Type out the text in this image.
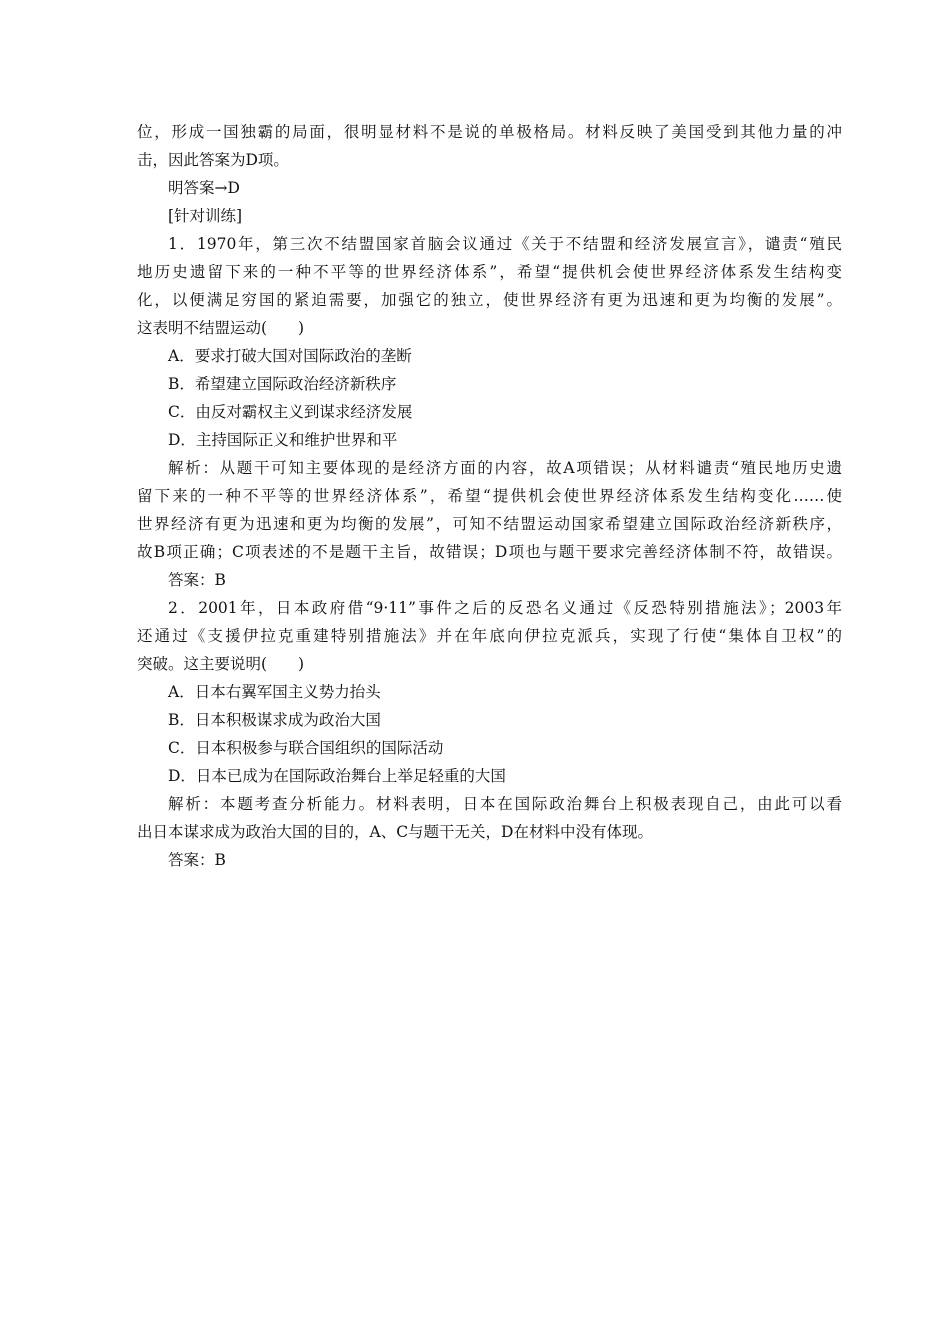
位，形成一国独霸的局面，很明显材料不是说的单极格局。材料反映了美国受到其他力量的冲
击，因此答案为D项。
明答案→D
[针对训练]
1．1970年，第三次不结盟国家首脑会议通过《关于不结盟和经济发展宣言》，谴责“殖民
地历史遗留下来的一种不平等的世界经济体系”，希望“提供机会使世界经济体系发生结构变
化，以便满足穷国的紧迫需要，加强它的独立，使世界经济有更为迅速和更为均衡的发展”。
这表明不结盟运动(　　)
A．要求打破大国对国际政治的垄断
B．希望建立国际政治经济新秩序
C．由反对霸权主义到谋求经济发展
D．主持国际正义和维护世界和平
解析：从题干可知主要体现的是经济方面的内容，故A项错误；从材料谴责“殖民地历史遗
留下来的一种不平等的世界经济体系”，希望“提供机会使世界经济体系发生结构变化……使
世界经济有更为迅速和更为均衡的发展”，可知不结盟运动国家希望建立国际政治经济新秩序，
故B项正确；C项表述的不是题干主旨，故错误；D项也与题干要求完善经济体制不符，故错误。
答案：B
2．2001年，日本政府借“9·11”事件之后的反恐名义通过《反恐特别措施法》；2003年
还通过《支援伊拉克重建特别措施法》并在年底向伊拉克派兵，实现了行使“集体自卫权”的
突破。这主要说明(　　)
A．日本右翼军国主义势力抬头
B．日本积极谋求成为政治大国
C．日本积极参与联合国组织的国际活动
D．日本已成为在国际政治舞台上举足轻重的大国
解析：本题考查分析能力。材料表明，日本在国际政治舞台上积极表现自己，由此可以看
出日本谋求成为政治大国的目的，A、C与题干无关，D在材料中没有体现。
答案：B
